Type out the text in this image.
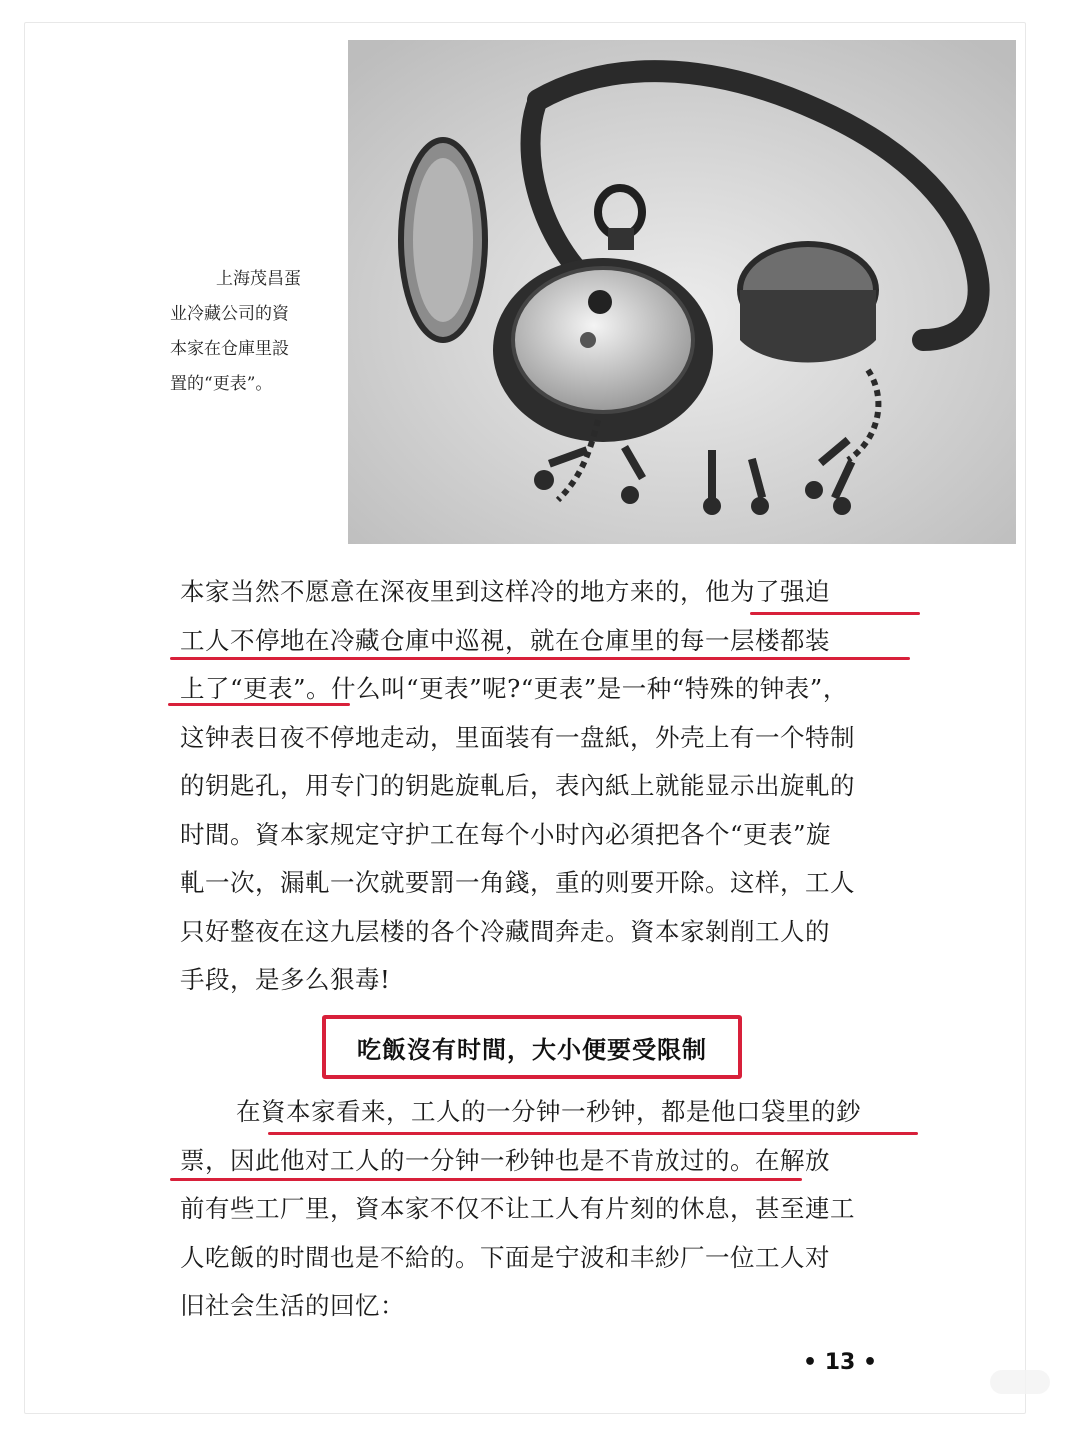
上海茂昌蛋
业冷藏公司的資
本家在仓庫里設
置的“更表”。
本家当然不愿意在深夜里到这样冷的地方来的，他为了强迫
工人不停地在冷藏仓庫中巡視，就在仓庫里的每一层楼都装
上了“更表”。什么叫“更表”呢?“更表”是一种“特殊的钟表”，
这钟表日夜不停地走动，里面装有一盘紙，外壳上有一个特制
的钥匙孔，用专门的钥匙旋軋后，表內紙上就能显示出旋軋的
时間。資本家规定守护工在每个小时內必須把各个“更表”旋
軋一次，漏軋一次就要罰一角錢，重的则要开除。这样，工人
只好整夜在这九层楼的各个冷藏間奔走。資本家剝削工人的
手段，是多么狠毒!
吃飯沒有时間，大小便要受限制
在資本家看来，工人的一分钟一秒钟，都是他口袋里的鈔
票，因此他对工人的一分钟一秒钟也是不肯放过的。在解放
前有些工厂里，資本家不仅不让工人有片刻的休息，甚至連工
人吃飯的时間也是不給的。下面是宁波和丰紗厂一位工人对
旧社会生活的回忆：
• 13 •
